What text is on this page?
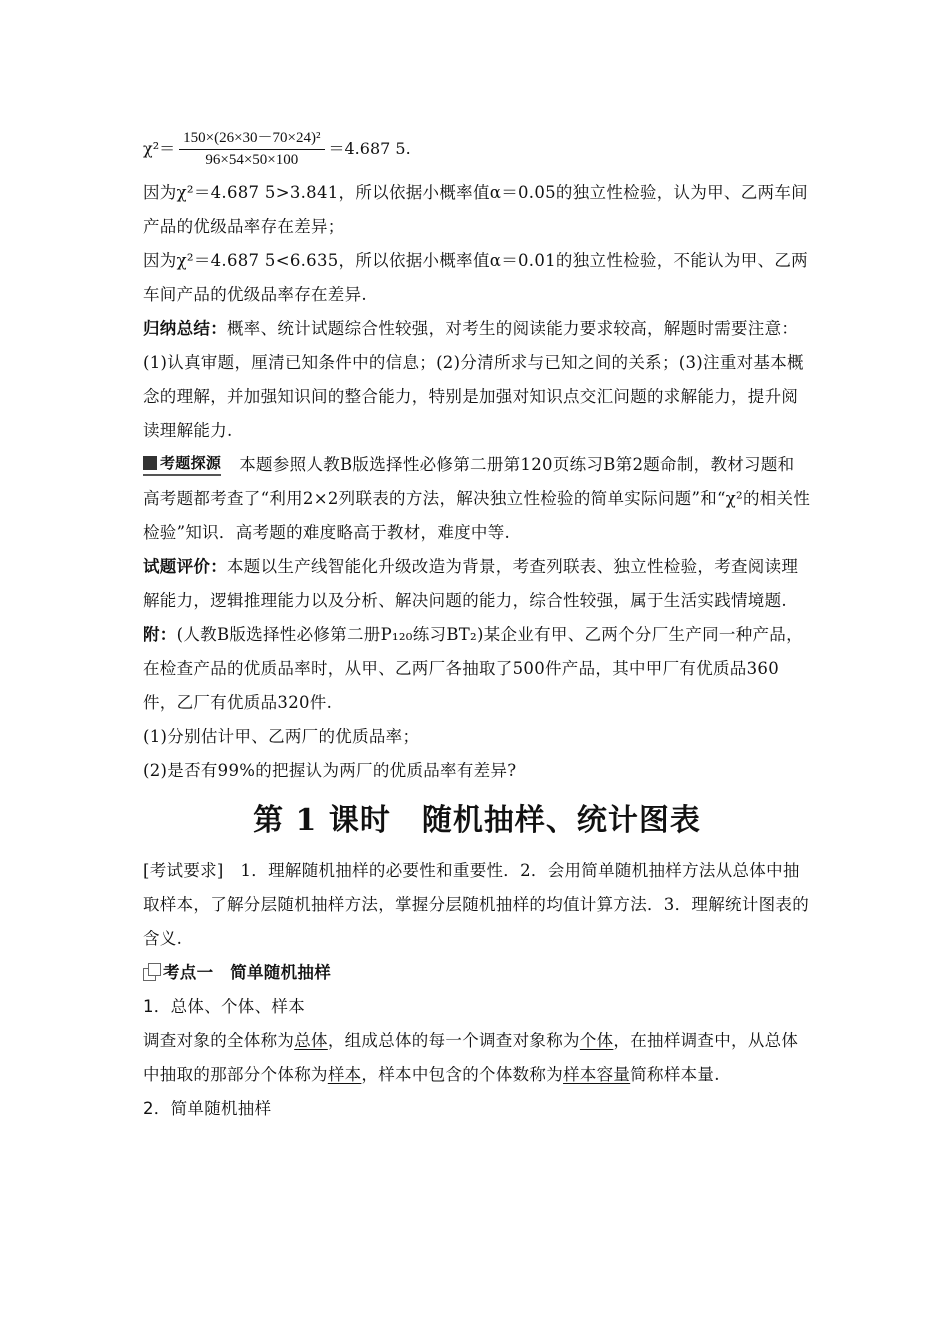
$\chi^2= \frac{\text{150×(26×30－70×24)²}}{96\times 54\times 50\times 100} =4.687$ 5.

因为χ²＝4.687 5>3.841，所以依据小概率值α＝0.05的独立性检验，认为甲、乙两车间产品的优级品率存在差异；

因为χ²＝4.687 5<6.635，所以依据小概率值α＝0.01的独立性检验，不能认为甲、乙两车间产品的优级品率存在差异.

归纳总结：概率、统计试题综合性较强，对考生的阅读能力要求较高，解题时需要注意：(1)认真审题，厘清已知条件中的信息；(2)分清所求与已知之间的关系；(3)注重对基本概念的理解，并加强知识间的整合能力，特别是加强对知识点交汇问题的求解能力，提升阅读理解能力.

考题探源 本题参照人教B版选择性必修第二册第120页练习B第2题命制，教材习题和高考题都考查了“利用2×2列联表的方法，解决独立性检验的简单实际问题”和“χ²的相关性检验”知识．高考题的难度略高于教材，难度中等.

试题评价：本题以生产线智能化升级改造为背景，考查列联表、独立性检验，考查阅读理解能力，逻辑推理能力以及分析、解决问题的能力，综合性较强，属于生活实践情境题.

附：(人教B版选择性必修第二册P₁₂₀练习BT₂)某企业有甲、乙两个分厂生产同一种产品，在检查产品的优质品率时，从甲、乙两厂各抽取了500件产品，其中甲厂有优质品360件，乙厂有优质品320件.

(1)分别估计甲、乙两厂的优质品率；

(2)是否有99%的把握认为两厂的优质品率有差异?

第 1 课时　随机抽样、统计图表

[考试要求]　 1．理解随机抽样的必要性和重要性．2．会用简单随机抽样方法从总体中抽取样本，了解分层随机抽样方法，掌握分层随机抽样的均值计算方法．3．理解统计图表的含义.

考点一　简单随机抽样

1．总体、个体、样本

调查对象的全体称为总体，组成总体的每一个调查对象称为个体，在抽样调查中，从总体中抽取的那部分个体称为样本，样本中包含的个体数称为样本容量简称样本量.

2．简单随机抽样
